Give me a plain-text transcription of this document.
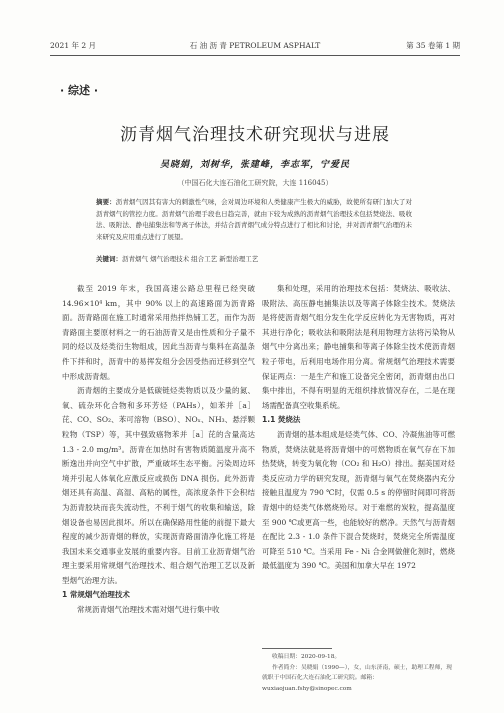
2021 年 2 月	石 油 沥 青 PETROLEUM ASPHALT	第 35 卷第 1 期
· 综述 ·
沥青烟气治理技术研究现状与进展
吴晓娟，刘树华，张建峰，李志军，宁爱民
（中国石化大连石油化工研究院，大连 116045）
摘要：沥青烟气因其有害大的刺激性气味，会对周边环境和人类健康产生极大的威胁，故使所有研门加大了对沥青烟气的管控力度。沥青烟气治理手段也日趋完善，就由下较为成熟的沥青烟气治理技术包括焚烧法、吸收法、吸附法、静电捕集法和等离子体法，并结合沥青烟气成分特点进行了相比和讨论，并对沥青烟气治理的未来研究及应用重点进行了展望。
关键词：沥青烟气 烟气治理技术 组合工艺 新型治理工艺

截至 2019 年末，我国高速公路总里程已经突破 14.96×10⁴ km，其中 90% 以上的高速路面为沥青路面。沥青路面在施工时通常采用热拌热铺工艺，而作为沥青路面主要原材料之一的石油沥青又是由性质和分子量不同的烃以及烃类衍生物组成，因此当沥青与集料在高温条件下拌和时，沥青中的易挥发组分会因受热而迁移到空气中形成沥青烟。

沥青烟的主要成分是低碳链烃类物质以及少量的氮、氧、硫杂环化合物和多环芳烃（PAHs），如苯并［a］芘、CO、SO₂、苯可溶物（BSO）、NOₓ、NH₃、悬浮颗粒物（TSP）等，其中强致癌物苯并［a］芘的含量高达 1.3 - 2.0 mg/m³。沥青在加热时有害物质随温度升高不断逸出并向空气中扩散，严重破坏生态平衡。污染周边环境并引起人体氧化应激反应或损伤 DNA 损伤。此外沥青烟还具有高温、高湿、高粘的属性，高浓度条件下会积结为沥青胶块而丧失流动性，不利于烟气的收集和输送，除烟设备也易因此损坏。所以在确保路用性能的前提下最大程度的减少沥青烟的释放，实现沥青路面清净化施工将是我国未来交通事业发展的重要内容。目前工业沥青烟气治理主要采用常规烟气治理技术、组合烟气治理工艺以及新型烟气治理方法。

1 常规烟气治理技术

常规沥青烟气治理技术需对烟气进行集中收

集和处理，采用的治理技术包括：焚烧法、吸收法、吸附法、高压静电捕集法以及等离子体除尘技术。焚烧法是将使沥青烟气组分发生化学反应转化为无害物质，再对其进行净化；吸收法和吸附法是利用物理方法将污染物从烟气中分离出来；静电捕集和等离子体除尘技术使沥青烟粒子带电，后利用电场作用分离。常规烟气治理技术需要保证两点：一是生产和施工设备完全密闭，沥青烟由出口集中排出，不得有明显的无组织排放情况存在，二是在现场需配备真空收集系统。

1.1 焚烧法

沥青烟的基本组成是烃类气体、CO、冷凝焦油等可燃物质，焚烧法就是将沥青烟中的可燃物质在氧气存在下加热焚烧，转变为氧化物（CO₂ 和 H₂O）排出。据美国对烃类反应动力学的研究发现，沥青烟与氧气在焚烧器内充分接触且温度为 790 ℃时，仅需 0.5 s 的停留时间即可将沥青烟中的烃类气体燃烧殆尽。对于难燃的炭粒，提高温度至 900 ℃或更高一些，也能较好的燃净。天然气与沥青烟在配比 2.3 - 1.0 条件下混合焚烧时，焚烧完全所需温度可降至 510 ℃。当采用 Fe - Ni 合金网做催化剂时，燃烧最低温度为 390 ℃。美国和加拿大早在 1972

收稿日期：2020-09-18。
作者简介：吴晓娟（1990—），女，山东济南，硕士，助理工程师，现就职于中国石化大连石油化工研究院。邮箱：wuxiaojuan.fshy@sinopec.com
